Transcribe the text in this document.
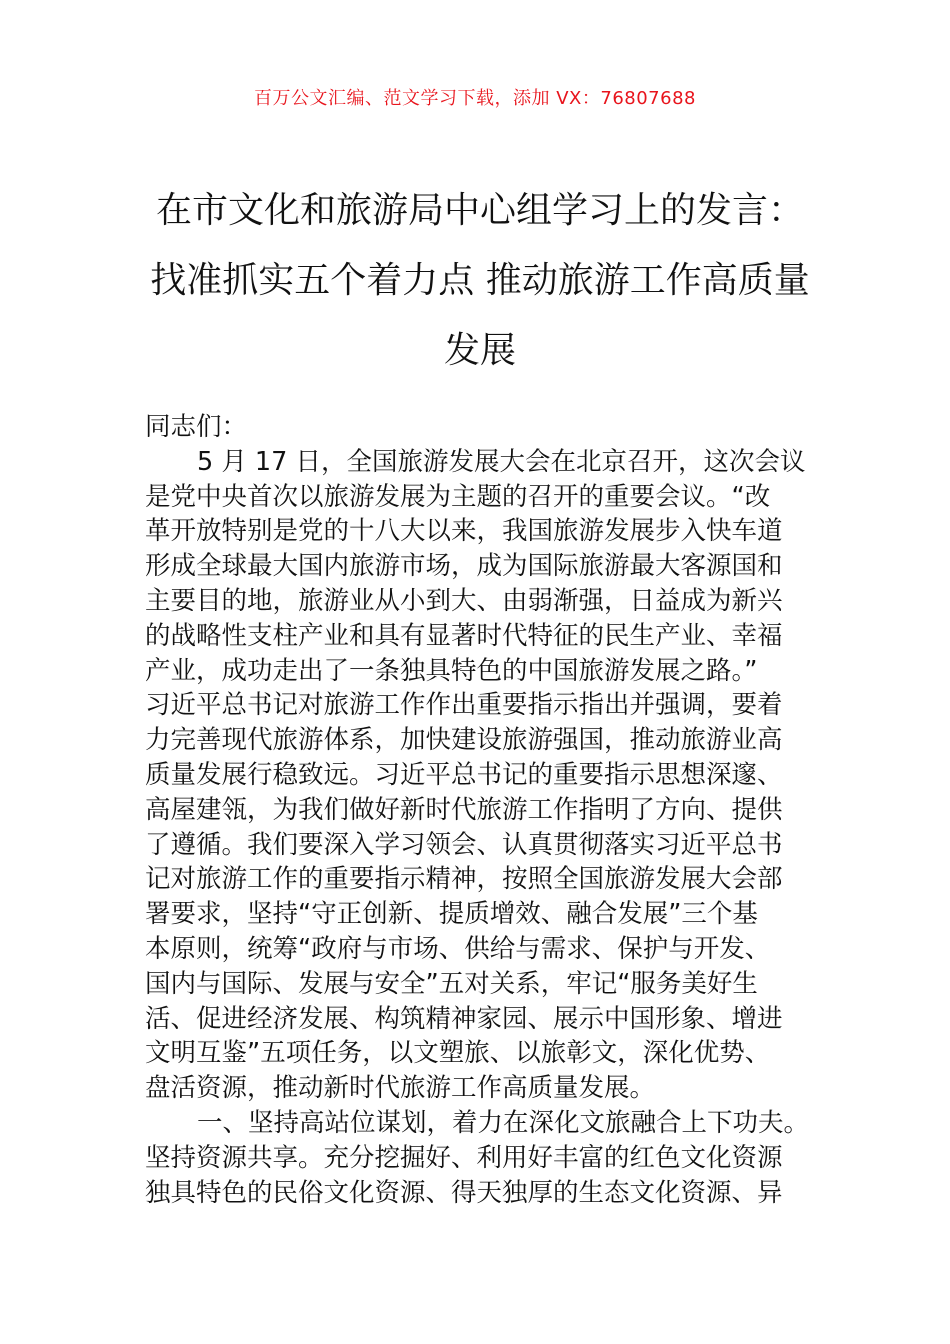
百万公文汇编、范文学习下载，添加 VX：76807688
在市文化和旅游局中心组学习上的发言：
找准抓实五个着力点 推动旅游工作高质量
发展
同志们：
5 月 17 日，全国旅游发展大会在北京召开，这次会议
是党中央首次以旅游发展为主题的召开的重要会议。“改
革开放特别是党的十八大以来，我国旅游发展步入快车道
形成全球最大国内旅游市场，成为国际旅游最大客源国和
主要目的地，旅游业从小到大、由弱渐强，日益成为新兴
的战略性支柱产业和具有显著时代特征的民生产业、幸福
产业，成功走出了一条独具特色的中国旅游发展之路。”
习近平总书记对旅游工作作出重要指示指出并强调，要着
力完善现代旅游体系，加快建设旅游强国，推动旅游业高
质量发展行稳致远。习近平总书记的重要指示思想深邃、
高屋建瓴，为我们做好新时代旅游工作指明了方向、提供
了遵循。我们要深入学习领会、认真贯彻落实习近平总书
记对旅游工作的重要指示精神，按照全国旅游发展大会部
署要求，坚持“守正创新、提质增效、融合发展”三个基
本原则，统筹“政府与市场、供给与需求、保护与开发、
国内与国际、发展与安全”五对关系，牢记“服务美好生
活、促进经济发展、构筑精神家园、展示中国形象、增进
文明互鉴”五项任务，以文塑旅、以旅彰文，深化优势、
盘活资源，推动新时代旅游工作高质量发展。
一、坚持高站位谋划，着力在深化文旅融合上下功夫。
坚持资源共享。充分挖掘好、利用好丰富的红色文化资源
独具特色的民俗文化资源、得天独厚的生态文化资源、异
